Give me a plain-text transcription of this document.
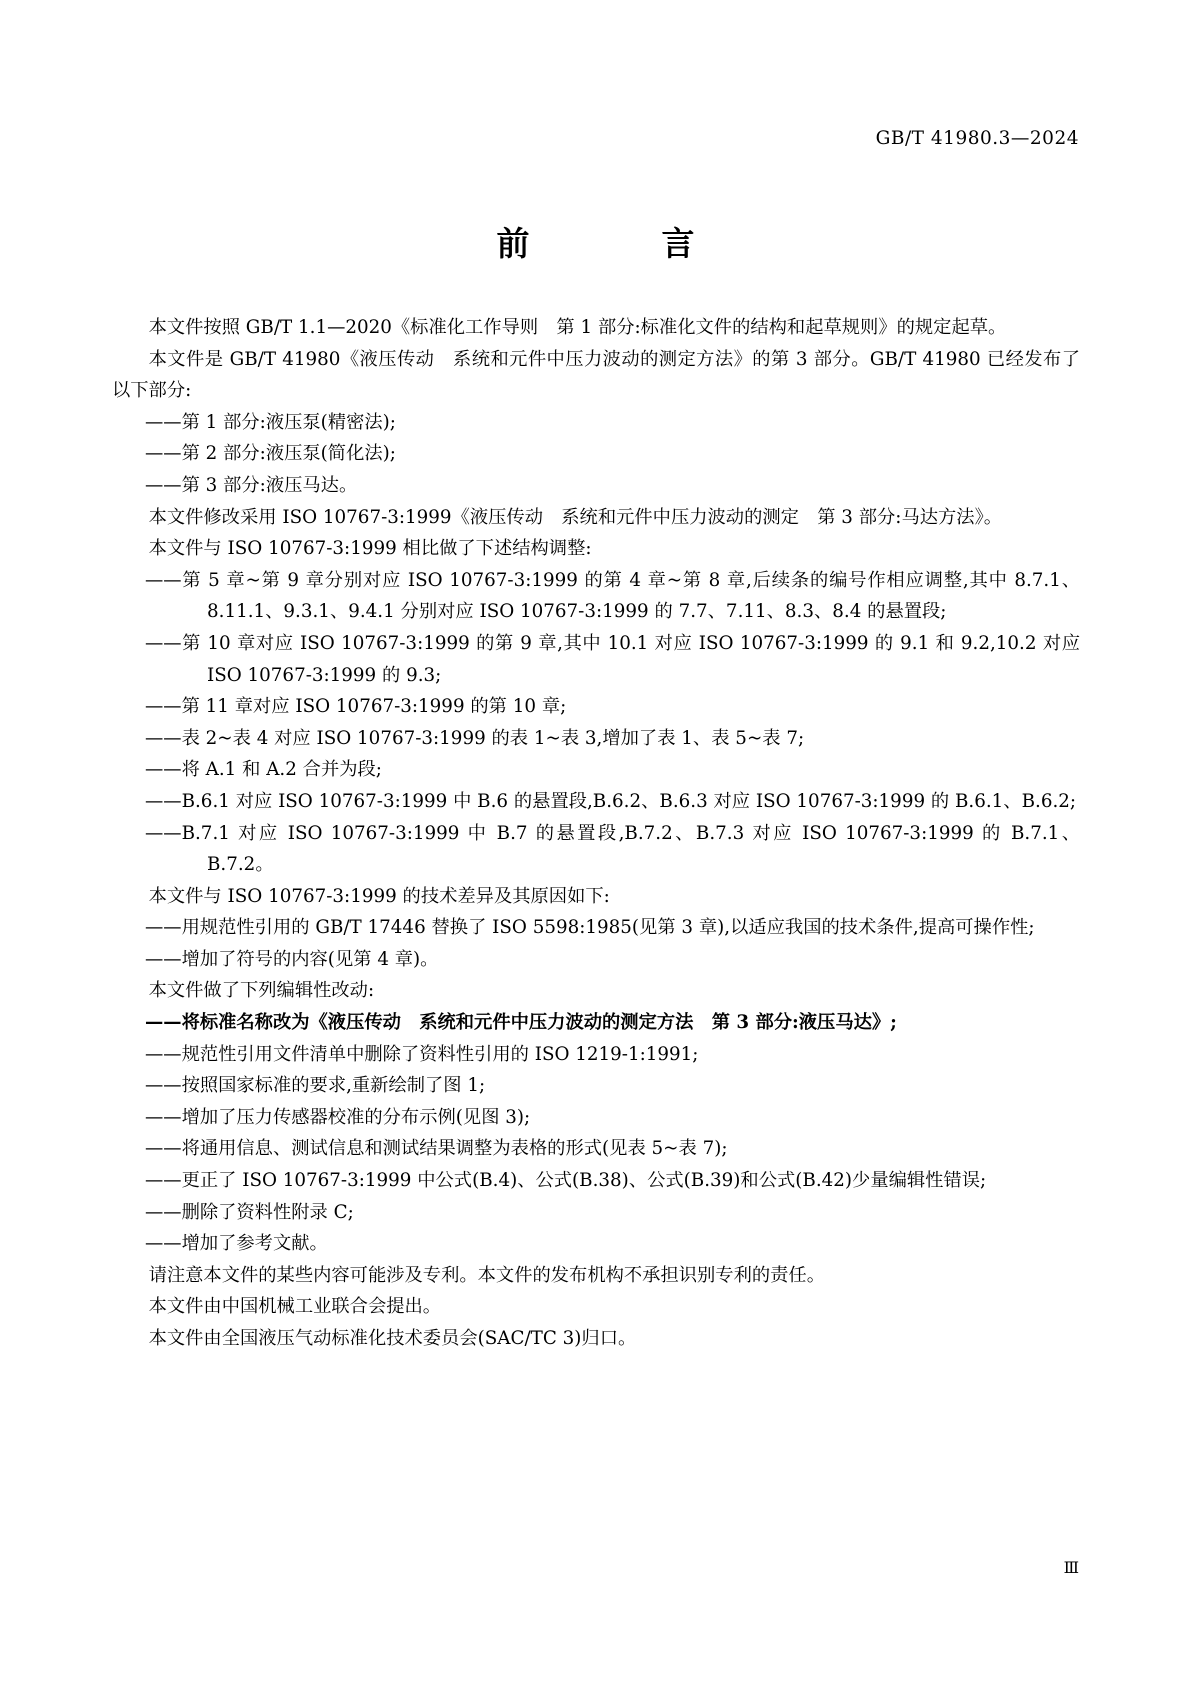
GB/T 41980.3—2024
前　　言
本文件按照 GB/T 1.1—2020《标准化工作导则　第 1 部分:标准化文件的结构和起草规则》的规定起草。
本文件是 GB/T 41980《液压传动　系统和元件中压力波动的测定方法》的第 3 部分。GB/T 41980 已经发布了以下部分:
——第 1 部分:液压泵(精密法);
——第 2 部分:液压泵(简化法);
——第 3 部分:液压马达。
本文件修改采用 ISO 10767-3:1999《液压传动　系统和元件中压力波动的测定　第 3 部分:马达方法》。
本文件与 ISO 10767-3:1999 相比做了下述结构调整:
——第 5 章~第 9 章分别对应 ISO 10767-3:1999 的第 4 章~第 8 章,后续条的编号作相应调整,其中 8.7.1、8.11.1、9.3.1、9.4.1 分别对应 ISO 10767-3:1999 的 7.7、7.11、8.3、8.4 的悬置段;
——第 10 章对应 ISO 10767-3:1999 的第 9 章,其中 10.1 对应 ISO 10767-3:1999 的 9.1 和 9.2,10.2 对应 ISO 10767-3:1999 的 9.3;
——第 11 章对应 ISO 10767-3:1999 的第 10 章;
——表 2~表 4 对应 ISO 10767-3:1999 的表 1~表 3,增加了表 1、表 5~表 7;
——将 A.1 和 A.2 合并为段;
——B.6.1 对应 ISO 10767-3:1999 中 B.6 的悬置段,B.6.2、B.6.3 对应 ISO 10767-3:1999 的 B.6.1、B.6.2;
——B.7.1 对应 ISO 10767-3:1999 中 B.7 的悬置段,B.7.2、B.7.3 对应 ISO 10767-3:1999 的 B.7.1、B.7.2。
本文件与 ISO 10767-3:1999 的技术差异及其原因如下:
——用规范性引用的 GB/T 17446 替换了 ISO 5598:1985(见第 3 章),以适应我国的技术条件,提高可操作性;
——增加了符号的内容(见第 4 章)。
本文件做了下列编辑性改动:
——将标准名称改为《液压传动　系统和元件中压力波动的测定方法　第 3 部分:液压马达》;
——规范性引用文件清单中删除了资料性引用的 ISO 1219-1:1991;
——按照国家标准的要求,重新绘制了图 1;
——增加了压力传感器校准的分布示例(见图 3);
——将通用信息、测试信息和测试结果调整为表格的形式(见表 5~表 7);
——更正了 ISO 10767-3:1999 中公式(B.4)、公式(B.38)、公式(B.39)和公式(B.42)少量编辑性错误;
——删除了资料性附录 C;
——增加了参考文献。
请注意本文件的某些内容可能涉及专利。本文件的发布机构不承担识别专利的责任。
本文件由中国机械工业联合会提出。
本文件由全国液压气动标准化技术委员会(SAC/TC 3)归口。
Ⅲ
